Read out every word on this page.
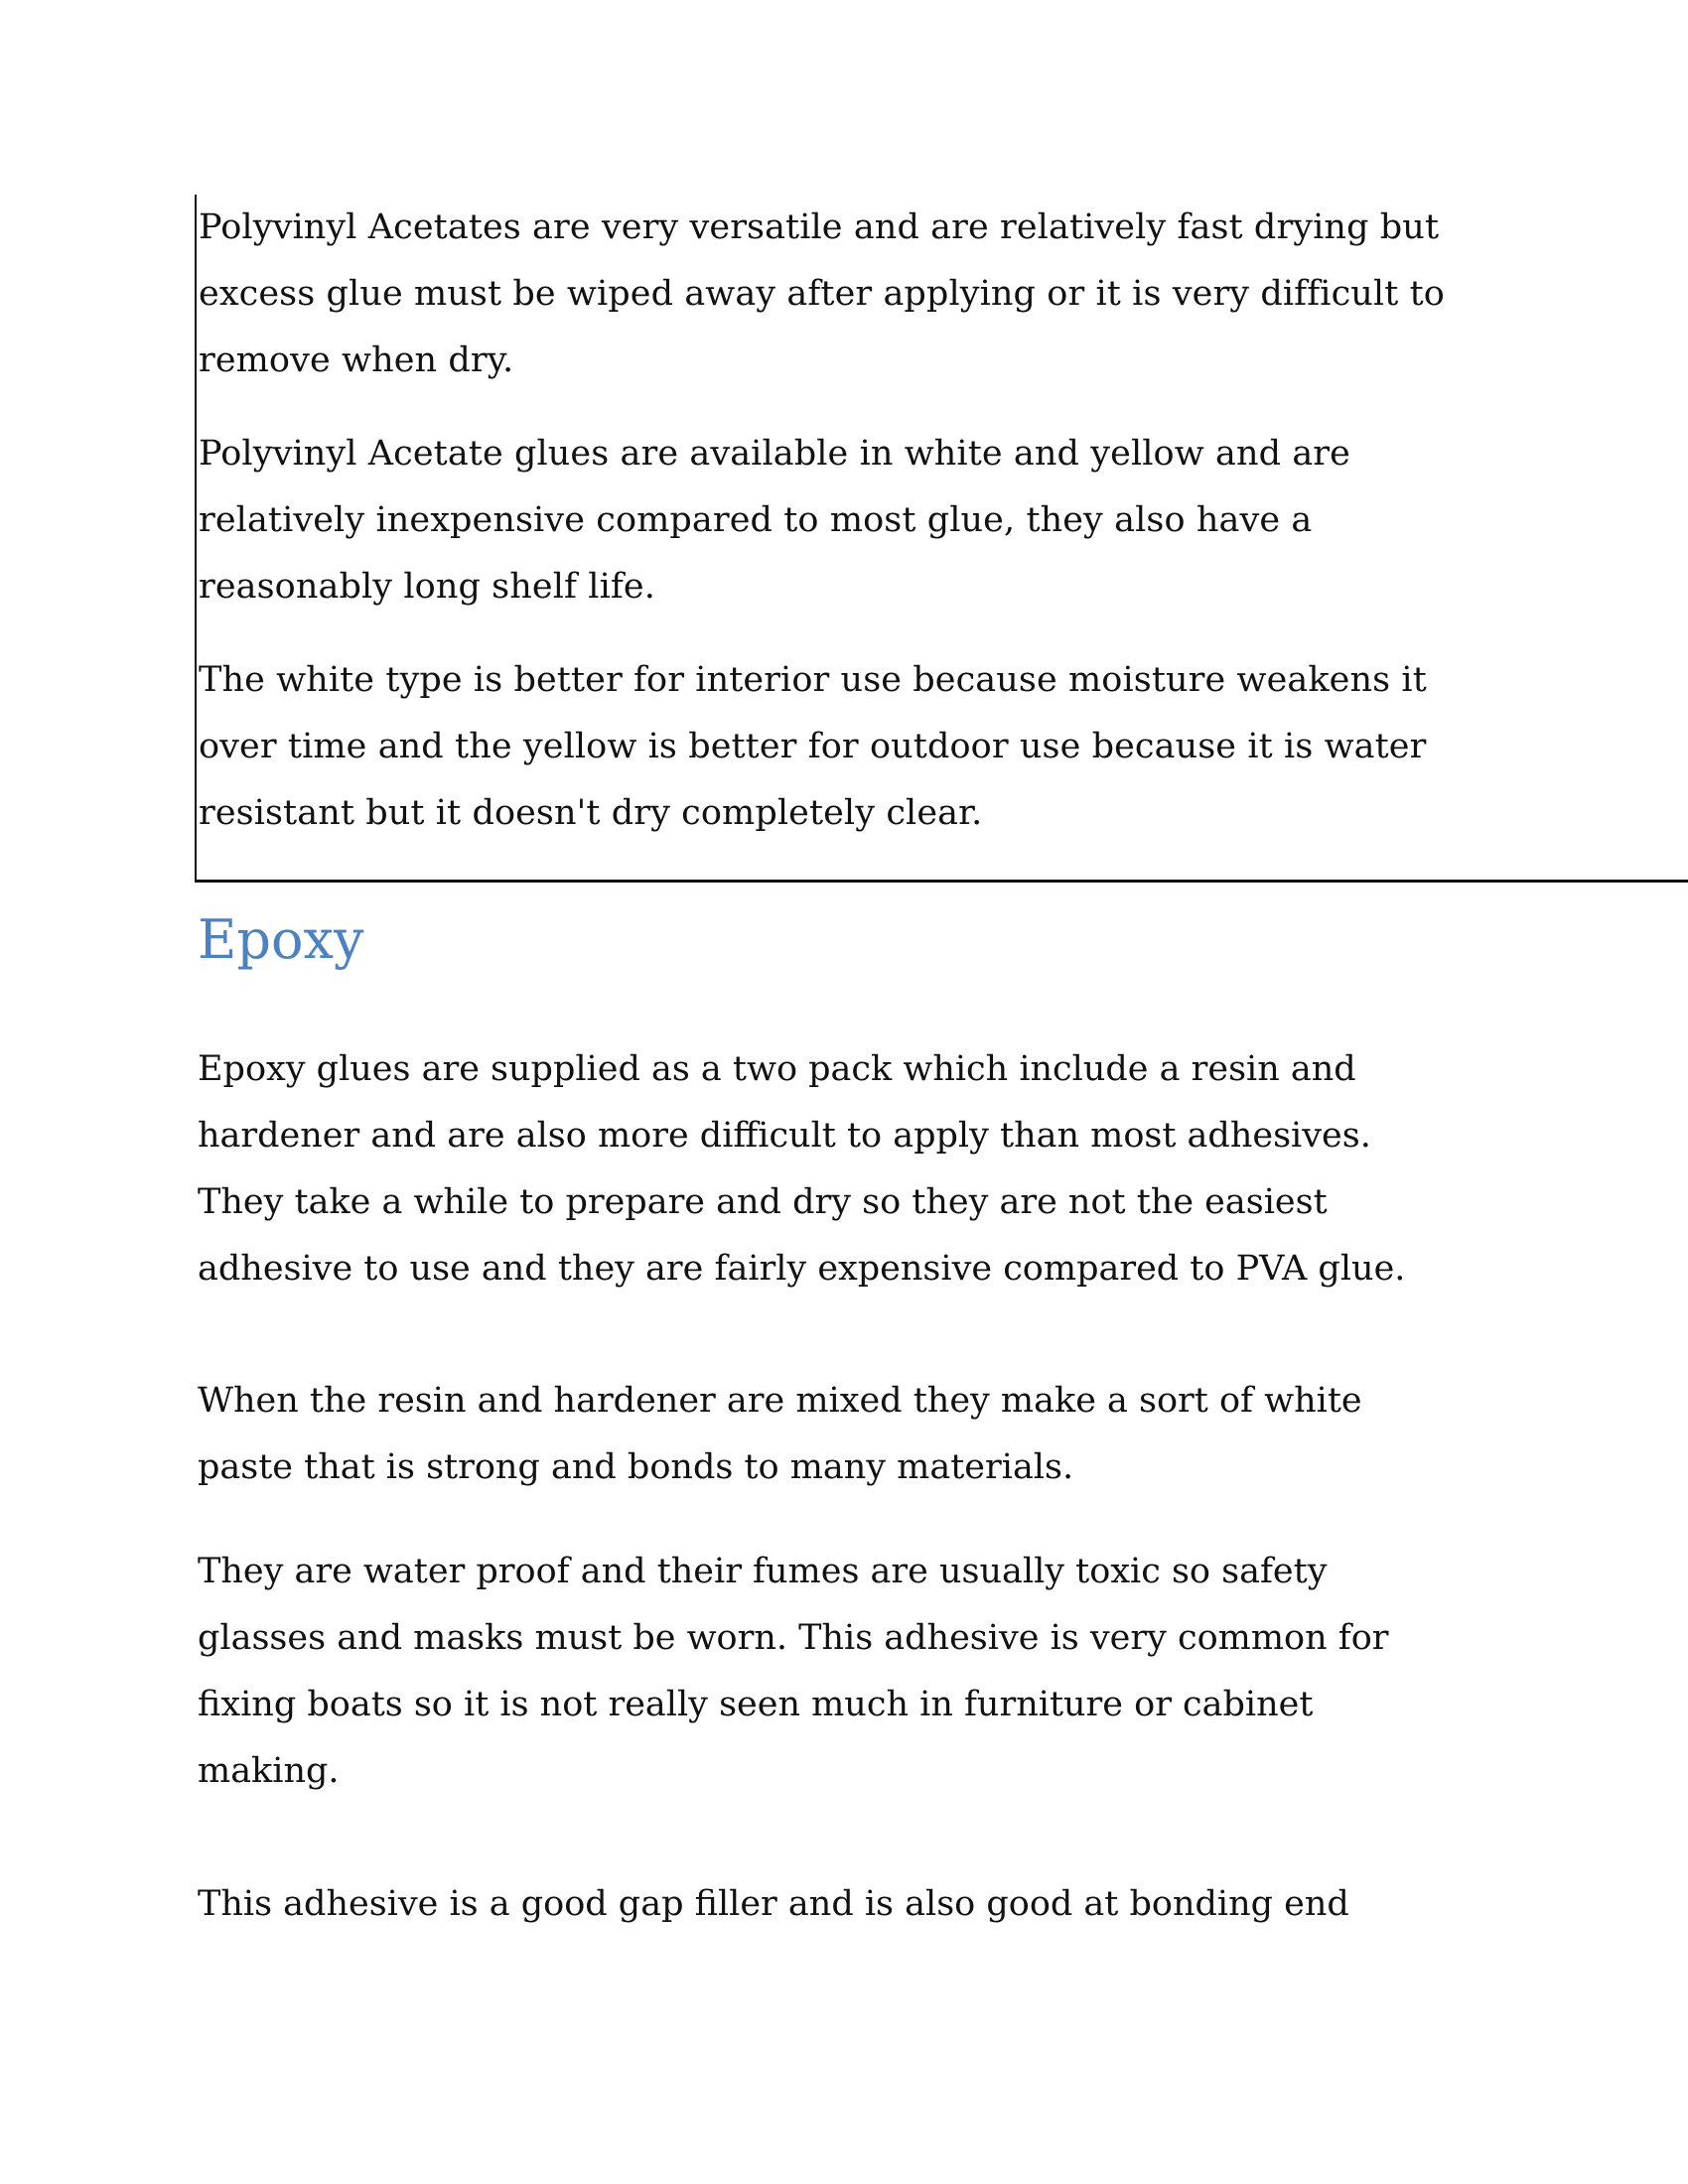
Polyvinyl Acetates are very versatile and are relatively fast drying but
excess glue must be wiped away after applying or it is very difficult to
remove when dry.

Polyvinyl Acetate glues are available in white and yellow and are
relatively inexpensive compared to most glue, they also have a
reasonably long shelf life.

The white type is better for interior use because moisture weakens it
over time and the yellow is better for outdoor use because it is water
resistant but it doesn't dry completely clear.

Epoxy

Epoxy glues are supplied as a two pack which include a resin and
hardener and are also more difficult to apply than most adhesives.
They take a while to prepare and dry so they are not the easiest
adhesive to use and they are fairly expensive compared to PVA glue.

When the resin and hardener are mixed they make a sort of white
paste that is strong and bonds to many materials.

They are water proof and their fumes are usually toxic so safety
glasses and masks must be worn. This adhesive is very common for
fixing boats so it is not really seen much in furniture or cabinet
making.

This adhesive is a good gap filler and is also good at bonding end
